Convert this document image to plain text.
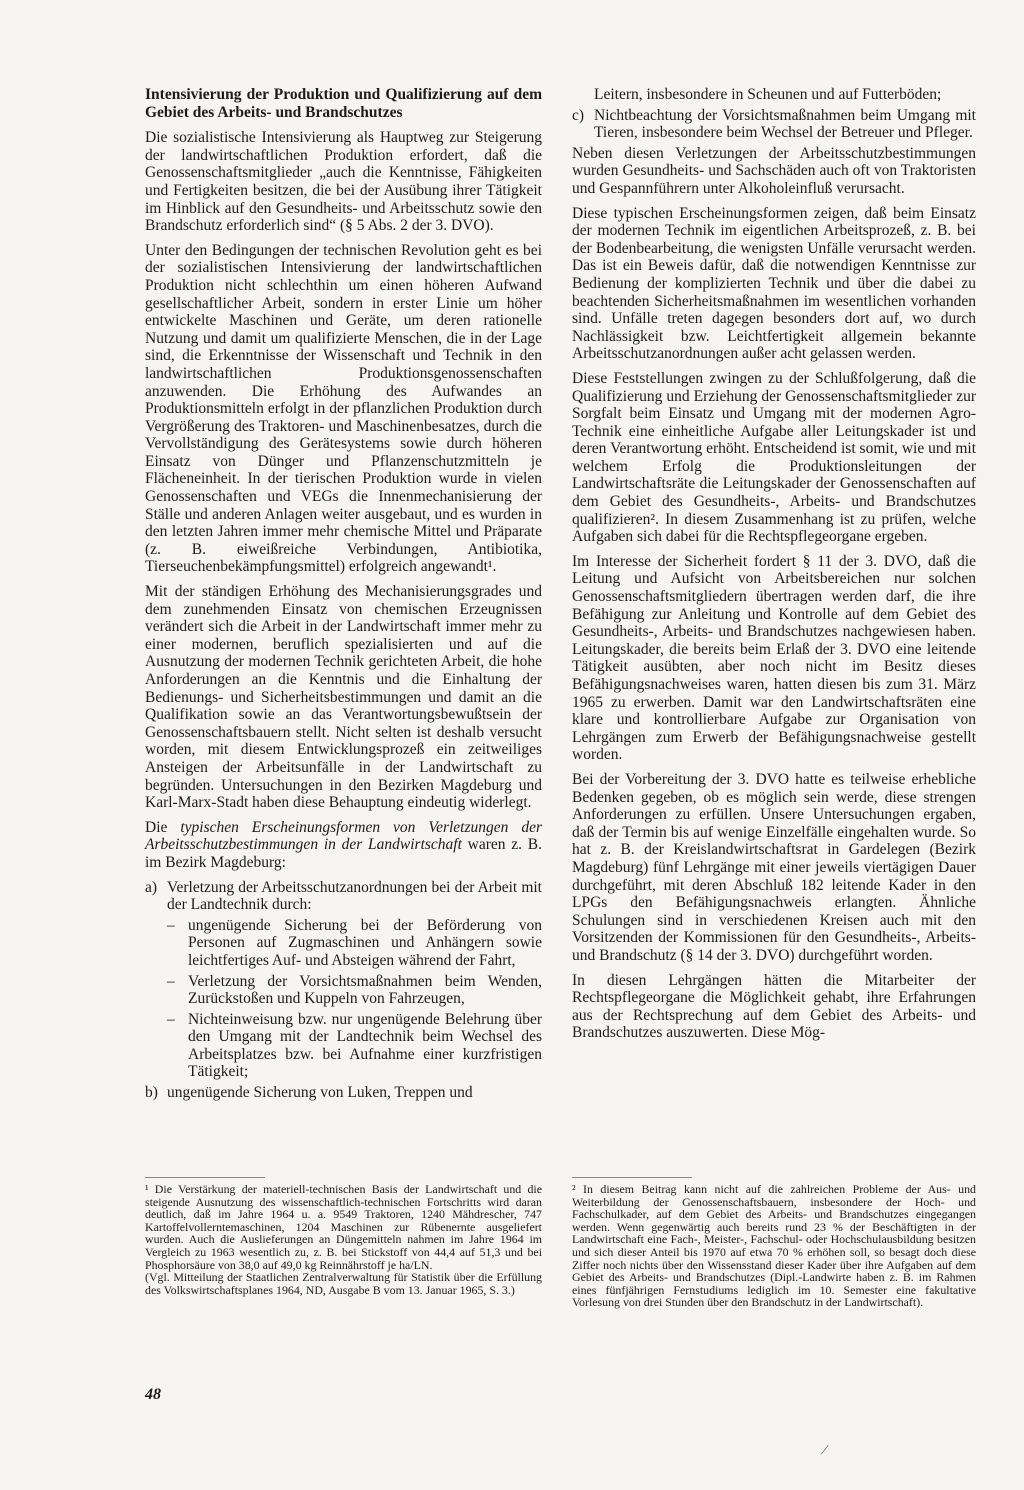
Intensivierung der Produktion und Qualifizierung auf dem Gebiet des Arbeits- und Brandschutzes

Die sozialistische Intensivierung als Hauptweg zur Steigerung der landwirtschaftlichen Produktion erfordert, daß die Genossenschaftsmitglieder „auch die Kenntnisse, Fähigkeiten und Fertigkeiten besitzen, die bei der Ausübung ihrer Tätigkeit im Hinblick auf den Gesundheits- und Arbeitsschutz sowie den Brandschutz erforderlich sind“ (§ 5 Abs. 2 der 3. DVO).

Unter den Bedingungen der technischen Revolution geht es bei der sozialistischen Intensivierung der landwirtschaftlichen Produktion nicht schlechthin um einen höheren Aufwand gesellschaftlicher Arbeit, sondern in erster Linie um höher entwickelte Maschinen und Geräte, um deren rationelle Nutzung und damit um qualifizierte Menschen, die in der Lage sind, die Erkenntnisse der Wissenschaft und Technik in den landwirtschaftlichen Produktionsgenossenschaften anzuwenden. Die Erhöhung des Aufwandes an Produktionsmitteln erfolgt in der pflanzlichen Produktion durch Vergrößerung des Traktoren- und Maschinenbesatzes, durch die Vervollständigung des Gerätesystems sowie durch höheren Einsatz von Dünger und Pflanzenschutzmitteln je Flächeneinheit. In der tierischen Produktion wurde in vielen Genossenschaften und VEGs die Innenmechanisierung der Ställe und anderen Anlagen weiter ausgebaut, und es wurden in den letzten Jahren immer mehr chemische Mittel und Präparate (z. B. eiweißreiche Verbindungen, Antibiotika, Tierseuchenbekämpfungsmittel) erfolgreich angewandt¹.

Mit der ständigen Erhöhung des Mechanisierungsgrades und dem zunehmenden Einsatz von chemischen Erzeugnissen verändert sich die Arbeit in der Landwirtschaft immer mehr zu einer modernen, beruflich spezialisierten und auf die Ausnutzung der modernen Technik gerichteten Arbeit, die hohe Anforderungen an die Kenntnis und die Einhaltung der Bedienungs- und Sicherheitsbestimmungen und damit an die Qualifikation sowie an das Verantwortungsbewußtsein der Genossenschaftsbauern stellt. Nicht selten ist deshalb versucht worden, mit diesem Entwicklungsprozeß ein zeitweiliges Ansteigen der Arbeitsunfälle in der Landwirtschaft zu begründen. Untersuchungen in den Bezirken Magdeburg und Karl-Marx-Stadt haben diese Behauptung eindeutig widerlegt.

Die typischen Erscheinungsformen von Verletzungen der Arbeitsschutzbestimmungen in der Landwirtschaft waren z. B. im Bezirk Magdeburg:

a) Verletzung der Arbeitsschutzanordnungen bei der Arbeit mit der Landtechnik durch:
– ungenügende Sicherung bei der Beförderung von Personen auf Zugmaschinen und Anhängern sowie leichtfertiges Auf- und Absteigen während der Fahrt,
– Verletzung der Vorsichtsmaßnahmen beim Wenden, Zurückstoßen und Kuppeln von Fahrzeugen,
– Nichteinweisung bzw. nur ungenügende Belehrung über den Umgang mit der Landtechnik beim Wechsel des Arbeitsplatzes bzw. bei Aufnahme einer kurzfristigen Tätigkeit;
b) ungenügende Sicherung von Luken, Treppen und
Leitern, insbesondere in Scheunen und auf Futterböden;
c) Nichtbeachtung der Vorsichtsmaßnahmen beim Umgang mit Tieren, insbesondere beim Wechsel der Betreuer und Pfleger.

Neben diesen Verletzungen der Arbeitsschutzbestimmungen wurden Gesundheits- und Sachschäden auch oft von Traktoristen und Gespannführern unter Alkoholeinfluß verursacht.

Diese typischen Erscheinungsformen zeigen, daß beim Einsatz der modernen Technik im eigentlichen Arbeitsprozeß, z. B. bei der Bodenbearbeitung, die wenigsten Unfälle verursacht werden. Das ist ein Beweis dafür, daß die notwendigen Kenntnisse zur Bedienung der komplizierten Technik und über die dabei zu beachtenden Sicherheitsmaßnahmen im wesentlichen vorhanden sind. Unfälle treten dagegen besonders dort auf, wo durch Nachlässigkeit bzw. Leichtfertigkeit allgemein bekannte Arbeitsschutzanordnungen außer acht gelassen werden.

Diese Feststellungen zwingen zu der Schlußfolgerung, daß die Qualifizierung und Erziehung der Genossenschaftsmitglieder zur Sorgfalt beim Einsatz und Umgang mit der modernen Agro-Technik eine einheitliche Aufgabe aller Leitungskader ist und deren Verantwortung erhöht. Entscheidend ist somit, wie und mit welchem Erfolg die Produktionsleitungen der Landwirtschaftsräte die Leitungskader der Genossenschaften auf dem Gebiet des Gesundheits-, Arbeits- und Brandschutzes qualifizieren². In diesem Zusammenhang ist zu prüfen, welche Aufgaben sich dabei für die Rechtspflegeorgane ergeben.

Im Interesse der Sicherheit fordert § 11 der 3. DVO, daß die Leitung und Aufsicht von Arbeitsbereichen nur solchen Genossenschaftsmitgliedern übertragen werden darf, die ihre Befähigung zur Anleitung und Kontrolle auf dem Gebiet des Gesundheits-, Arbeits- und Brandschutzes nachgewiesen haben. Leitungskader, die bereits beim Erlaß der 3. DVO eine leitende Tätigkeit ausübten, aber noch nicht im Besitz dieses Befähigungsnachweises waren, hatten diesen bis zum 31. März 1965 zu erwerben. Damit war den Landwirtschaftsräten eine klare und kontrollierbare Aufgabe zur Organisation von Lehrgängen zum Erwerb der Befähigungsnachweise gestellt worden.

Bei der Vorbereitung der 3. DVO hatte es teilweise erhebliche Bedenken gegeben, ob es möglich sein werde, diese strengen Anforderungen zu erfüllen. Unsere Untersuchungen ergaben, daß der Termin bis auf wenige Einzelfälle eingehalten wurde. So hat z. B. der Kreislandwirtschaftsrat in Gardelegen (Bezirk Magdeburg) fünf Lehrgänge mit einer jeweils viertägigen Dauer durchgeführt, mit deren Abschluß 182 leitende Kader in den LPGs den Befähigungsnachweis erlangten. Ähnliche Schulungen sind in verschiedenen Kreisen auch mit den Vorsitzenden der Kommissionen für den Gesundheits-, Arbeits- und Brandschutz (§ 14 der 3. DVO) durchgeführt worden.

In diesen Lehrgängen hätten die Mitarbeiter der Rechtspflegeorgane die Möglichkeit gehabt, ihre Erfahrungen aus der Rechtsprechung auf dem Gebiet des Arbeits- und Brandschutzes auszuwerten. Diese Mög-

¹ Die Verstärkung der materiell-technischen Basis der Landwirtschaft und die steigende Ausnutzung des wissenschaftlich-technischen Fortschritts wird daran deutlich, daß im Jahre 1964 u. a. 9549 Traktoren, 1240 Mähdrescher, 747 Kartoffelvollerntemaschinen, 1204 Maschinen zur Rübenernte ausgeliefert wurden. Auch die Auslieferungen an Düngemitteln nahmen im Jahre 1964 im Vergleich zu 1963 wesentlich zu, z. B. bei Stickstoff von 44,4 auf 51,3 und bei Phosphorsäure von 38,0 auf 49,0 kg Reinnährstoff je ha/LN.
(Vgl. Mitteilung der Staatlichen Zentralverwaltung für Statistik über die Erfüllung des Volkswirtschaftsplanes 1964, ND, Ausgabe B vom 13. Januar 1965, S. 3.)
² In diesem Beitrag kann nicht auf die zahlreichen Probleme der Aus- und Weiterbildung der Genossenschaftsbauern, insbesondere der Hoch- und Fachschulkader, auf dem Gebiet des Arbeits- und Brandschutzes eingegangen werden. Wenn gegenwärtig auch bereits rund 23 % der Beschäftigten in der Landwirtschaft eine Fach-, Meister-, Fachschul- oder Hochschulausbildung besitzen und sich dieser Anteil bis 1970 auf etwa 70 % erhöhen soll, so besagt doch diese Ziffer noch nichts über den Wissensstand dieser Kader über ihre Aufgaben auf dem Gebiet des Arbeits- und Brandschutzes (Dipl.-Landwirte haben z. B. im Rahmen eines fünfjährigen Fernstudiums lediglich im 10. Semester eine fakultative Vorlesung von drei Stunden über den Brandschutz in der Landwirtschaft).
48
/
